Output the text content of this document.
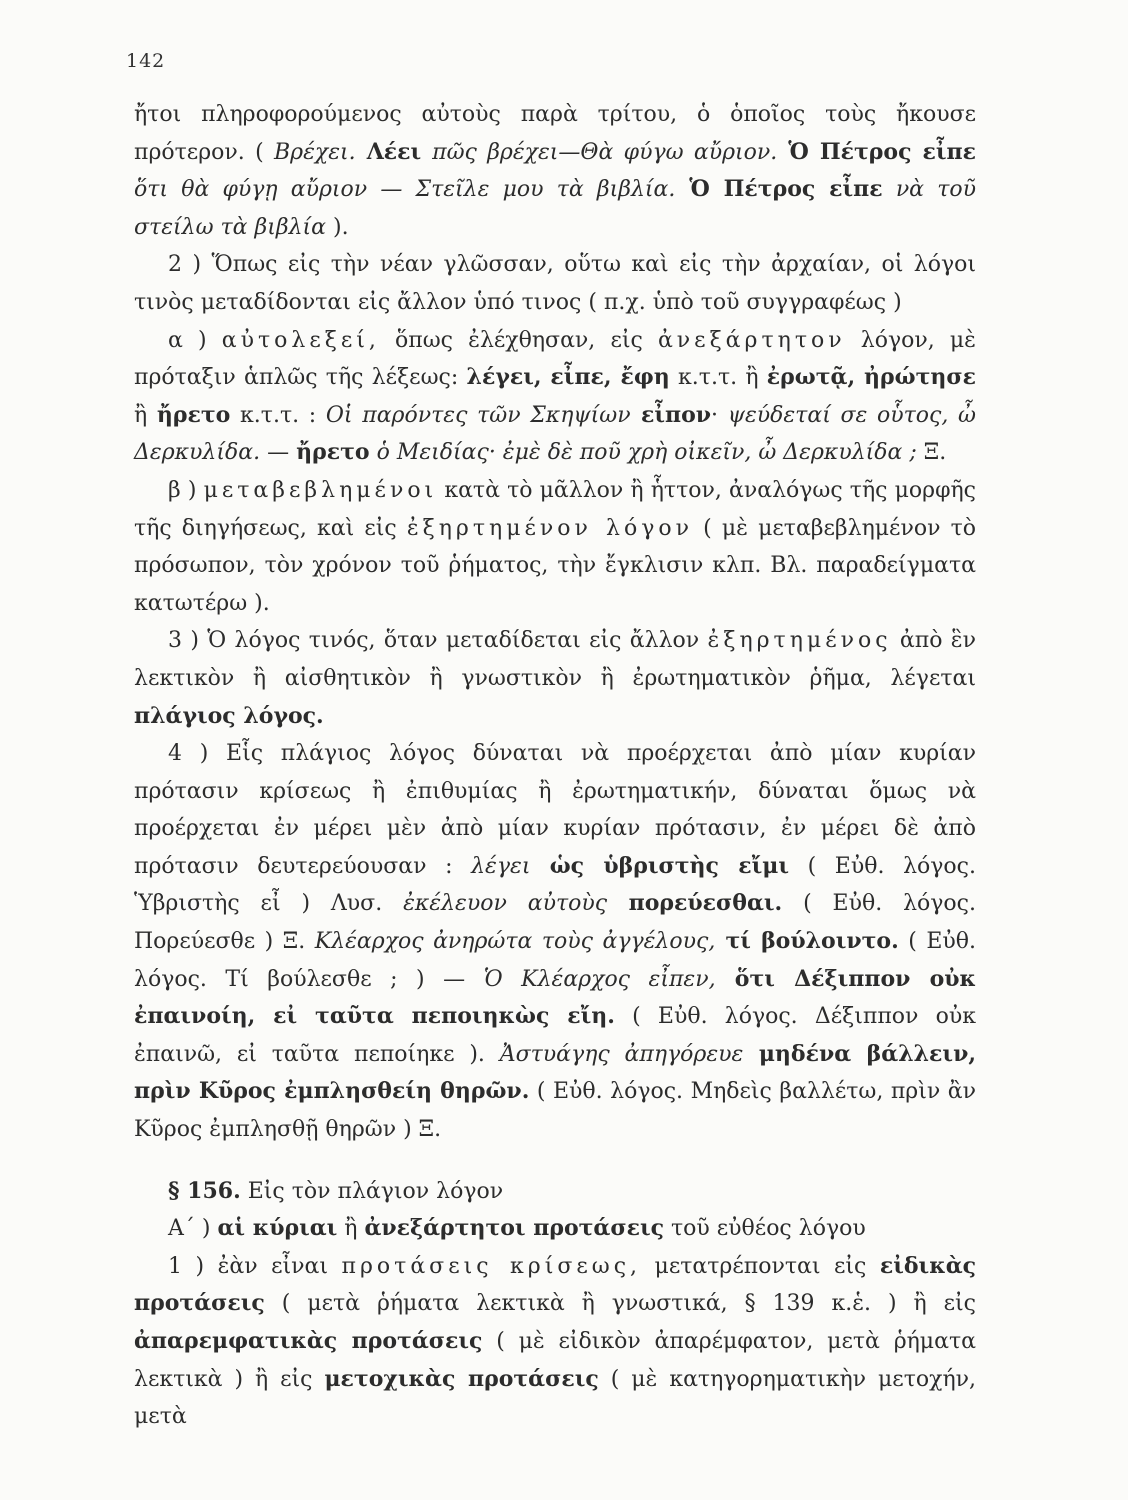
142

ἤτοι πληροφορούμενος αὐτοὺς παρὰ τρίτου, ὁ ὁποῖος τοὺς ἤκουσε πρότερον. ( Βρέχει. Λέει πῶς βρέχει—Θὰ φύγω αὔριον. Ὁ Πέτρος εἶπε ὅτι θὰ φύγῃ αὔριον — Στεῖλε μου τὰ βιβλία. Ὁ Πέτρος εἶπε νὰ τοῦ στείλω τὰ βιβλία ).

2 ) Ὅπως εἰς τὴν νέαν γλῶσσαν, οὕτω καὶ εἰς τὴν ἀρχαίαν, οἱ λόγοι τινὸς μεταδίδονται εἰς ἄλλον ὑπό τινος ( π.χ. ὑπὸ τοῦ συγγραφέως )

α ) αὐτολεξεί, ὅπως ἐλέχθησαν, εἰς ἀνεξάρτητον λόγον, μὲ πρόταξιν ἁπλῶς τῆς λέξεως: λέγει, εἶπε, ἔφη κ.τ.τ. ἢ ἐρωτᾷ, ἠρώτησε ἢ ἤρετο κ.τ.τ. : Οἱ παρόντες τῶν Σκηψίων εἶπον· ψεύδεταί σε οὗτος, ὦ Δερκυλίδα. — ἤρετο ὁ Μειδίας· ἐμὲ δὲ ποῦ χρὴ οἰκεῖν, ὦ Δερκυλίδα ; Ξ.

β ) μεταβεβλημένοι κατὰ τὸ μᾶλλον ἢ ἧττον, ἀναλόγως τῆς μορφῆς τῆς διηγήσεως, καὶ εἰς ἐξηρτημένον λόγον ( μὲ μεταβεβλημένον τὸ πρόσωπον, τὸν χρόνον τοῦ ῥήματος, τὴν ἔγκλισιν κλπ. Βλ. παραδείγματα κατωτέρω ).

3 ) Ὁ λόγος τινός, ὅταν μεταδίδεται εἰς ἄλλον ἐξηρτημένος ἀπὸ ἓν λεκτικὸν ἢ αἰσθητικὸν ἢ γνωστικὸν ἢ ἐρωτηματικὸν ῥῆμα, λέγεται πλάγιος λόγος.

4 ) Εἷς πλάγιος λόγος δύναται νὰ προέρχεται ἀπὸ μίαν κυρίαν πρότασιν κρίσεως ἢ ἐπιθυμίας ἢ ἐρωτηματικήν, δύναται ὅμως νὰ προέρχεται ἐν μέρει μὲν ἀπὸ μίαν κυρίαν πρότασιν, ἐν μέρει δὲ ἀπὸ πρότασιν δευτερεύουσαν : λέγει ὡς ὑβριστὴς εἴμι ( Εὐθ. λόγος. Ὑβριστὴς εἶ ) Λυσ. ἐκέλευον αὐτοὺς πορεύεσθαι. ( Εὐθ. λόγος. Πορεύεσθε ) Ξ. Κλέαρχος ἀνηρώτα τοὺς ἀγγέλους, τί βούλοιντο. ( Εὐθ. λόγος. Τί βούλεσθε ; ) — Ὁ Κλέαρχος εἶπεν, ὅτι Δέξιππον οὐκ ἐπαινοίη, εἰ ταῦτα πεποιηκὼς εἴη. ( Εὐθ. λόγος. Δέξιππον οὐκ ἐπαινῶ, εἰ ταῦτα πεποίηκε ). Ἀστυάγης ἀπηγόρευε μηδένα βάλλειν, πρὶν Κῦρος ἐμπλησθείη θηρῶν. ( Εὐθ. λόγος. Μηδεὶς βαλλέτω, πρὶν ἂν Κῦρος ἐμπλησθῇ θηρῶν ) Ξ.

§ 156. Εἰς τὸν πλάγιον λόγον

Α΄ ) αἱ κύριαι ἢ ἀνεξάρτητοι προτάσεις τοῦ εὐθέος λόγου

1 ) ἐὰν εἶναι προτάσεις κρίσεως, μετατρέπονται εἰς εἰδικὰς προτάσεις ( μετὰ ῥήματα λεκτικὰ ἢ γνωστικά, § 139 κ.ἑ. ) ἢ εἰς ἀπαρεμφατικὰς προτάσεις ( μὲ εἰδικὸν ἀπαρέμφατον, μετὰ ῥήματα λεκτικὰ ) ἢ εἰς μετοχικὰς προτάσεις ( μὲ κατηγορηματικὴν μετοχήν, μετὰ
